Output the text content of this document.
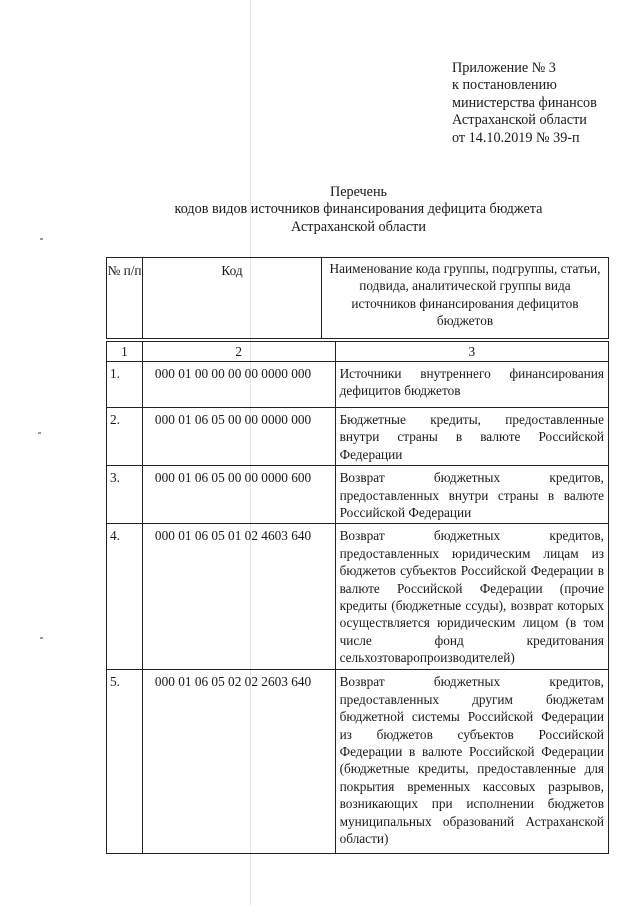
Приложение № 3
к постановлению
министерства финансов
Астраханской области
от 14.10.2019 № 39-п
Перечень
кодов видов источников финансирования дефицита бюджета
Астраханской области
№ п/п	Код	Наименование кода группы, подгруппы, статьи, подвида, аналитической группы вида источников финансирования дефицитов бюджетов
1	2	3
1.	000 01 00 00 00 00 0000 000	Источники внутреннего финансирования дефицитов бюджетов
2.	000 01 06 05 00 00 0000 000	Бюджетные кредиты, предоставленные внутри страны в валюте Российской Федерации
3.	000 01 06 05 00 00 0000 600	Возврат бюджетных кредитов, предоставленных внутри страны в валюте Российской Федерации
4.	000 01 06 05 01 02 4603 640	Возврат бюджетных кредитов, предоставленных юридическим лицам из бюджетов субъектов Российской Федерации в валюте Российской Федерации (прочие кредиты (бюджетные ссуды), возврат которых осуществляется юридическим лицом (в том числе фонд кредитования сельхозтоваропроизводителей)
5.	000 01 06 05 02 02 2603 640	Возврат бюджетных кредитов, предоставленных другим бюджетам бюджетной системы Российской Федерации из бюджетов субъектов Российской Федерации в валюте Российской Федерации (бюджетные кредиты, предоставленные для покрытия временных кассовых разрывов, возникающих при исполнении бюджетов муниципальных образований Астраханской области)
